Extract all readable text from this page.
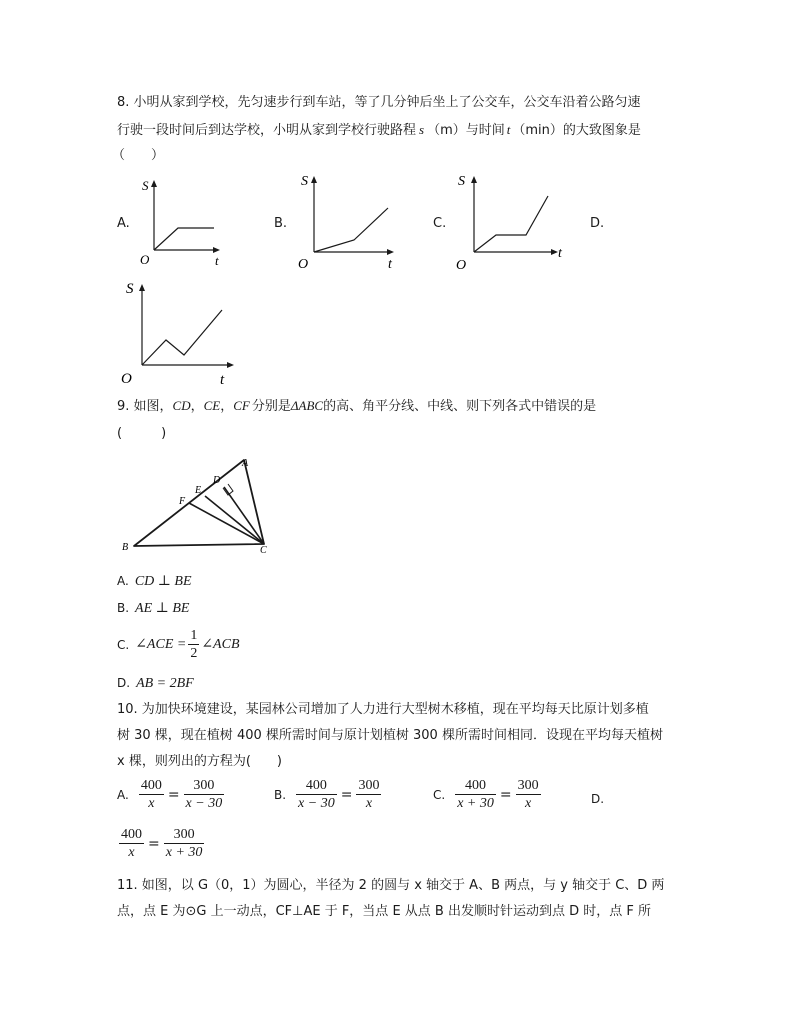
8. 小明从家到学校，先匀速步行到车站，等了几分钟后坐上了公交车，公交车沿着公路匀速
行驶一段时间后到达学校，小明从家到学校行驶路程 s （m）与时间 t （min）的大致图象是
（　　）
A.	B.	C.	D.
S
O	t
S
O	t
S
O
t
S
O	t
9. 如图，CD，CE，CF 分别是ΔABC的高、角平分线、中线、则下列各式中错误的是
(　　　)
A
B	C
D
E
F
A. CD ⊥ BE
B. AE ⊥ BE
C. ∠ACE = $\frac{1}{2}$ ∠ACB
D. AB = 2BF
10. 为加快环境建设，某园林公司增加了人力进行大型树木移植，现在平均每天比原计划多植
树 30 棵，现在植树 400 棵所需时间与原计划植树 300 棵所需时间相同．设现在平均每天植树
x 棵，则列出的方程为(　　)
A. $\frac{400}{x} = \frac{300}{x - 30}$	B. $\frac{400}{x - 30} = \frac{300}{x}$	C. $\frac{400}{x + 30} = \frac{300}{x}$	D.
$\frac{400}{x} = \frac{300}{x + 30}$
11. 如图，以 G（0，1）为圆心，半径为 2 的圆与 x 轴交于 A、B 两点，与 y 轴交于 C、D 两
点，点 E 为⊙G 上一动点，CF⊥AE 于 F，当点 E 从点 B 出发顺时针运动到点 D 时，点 F 所
